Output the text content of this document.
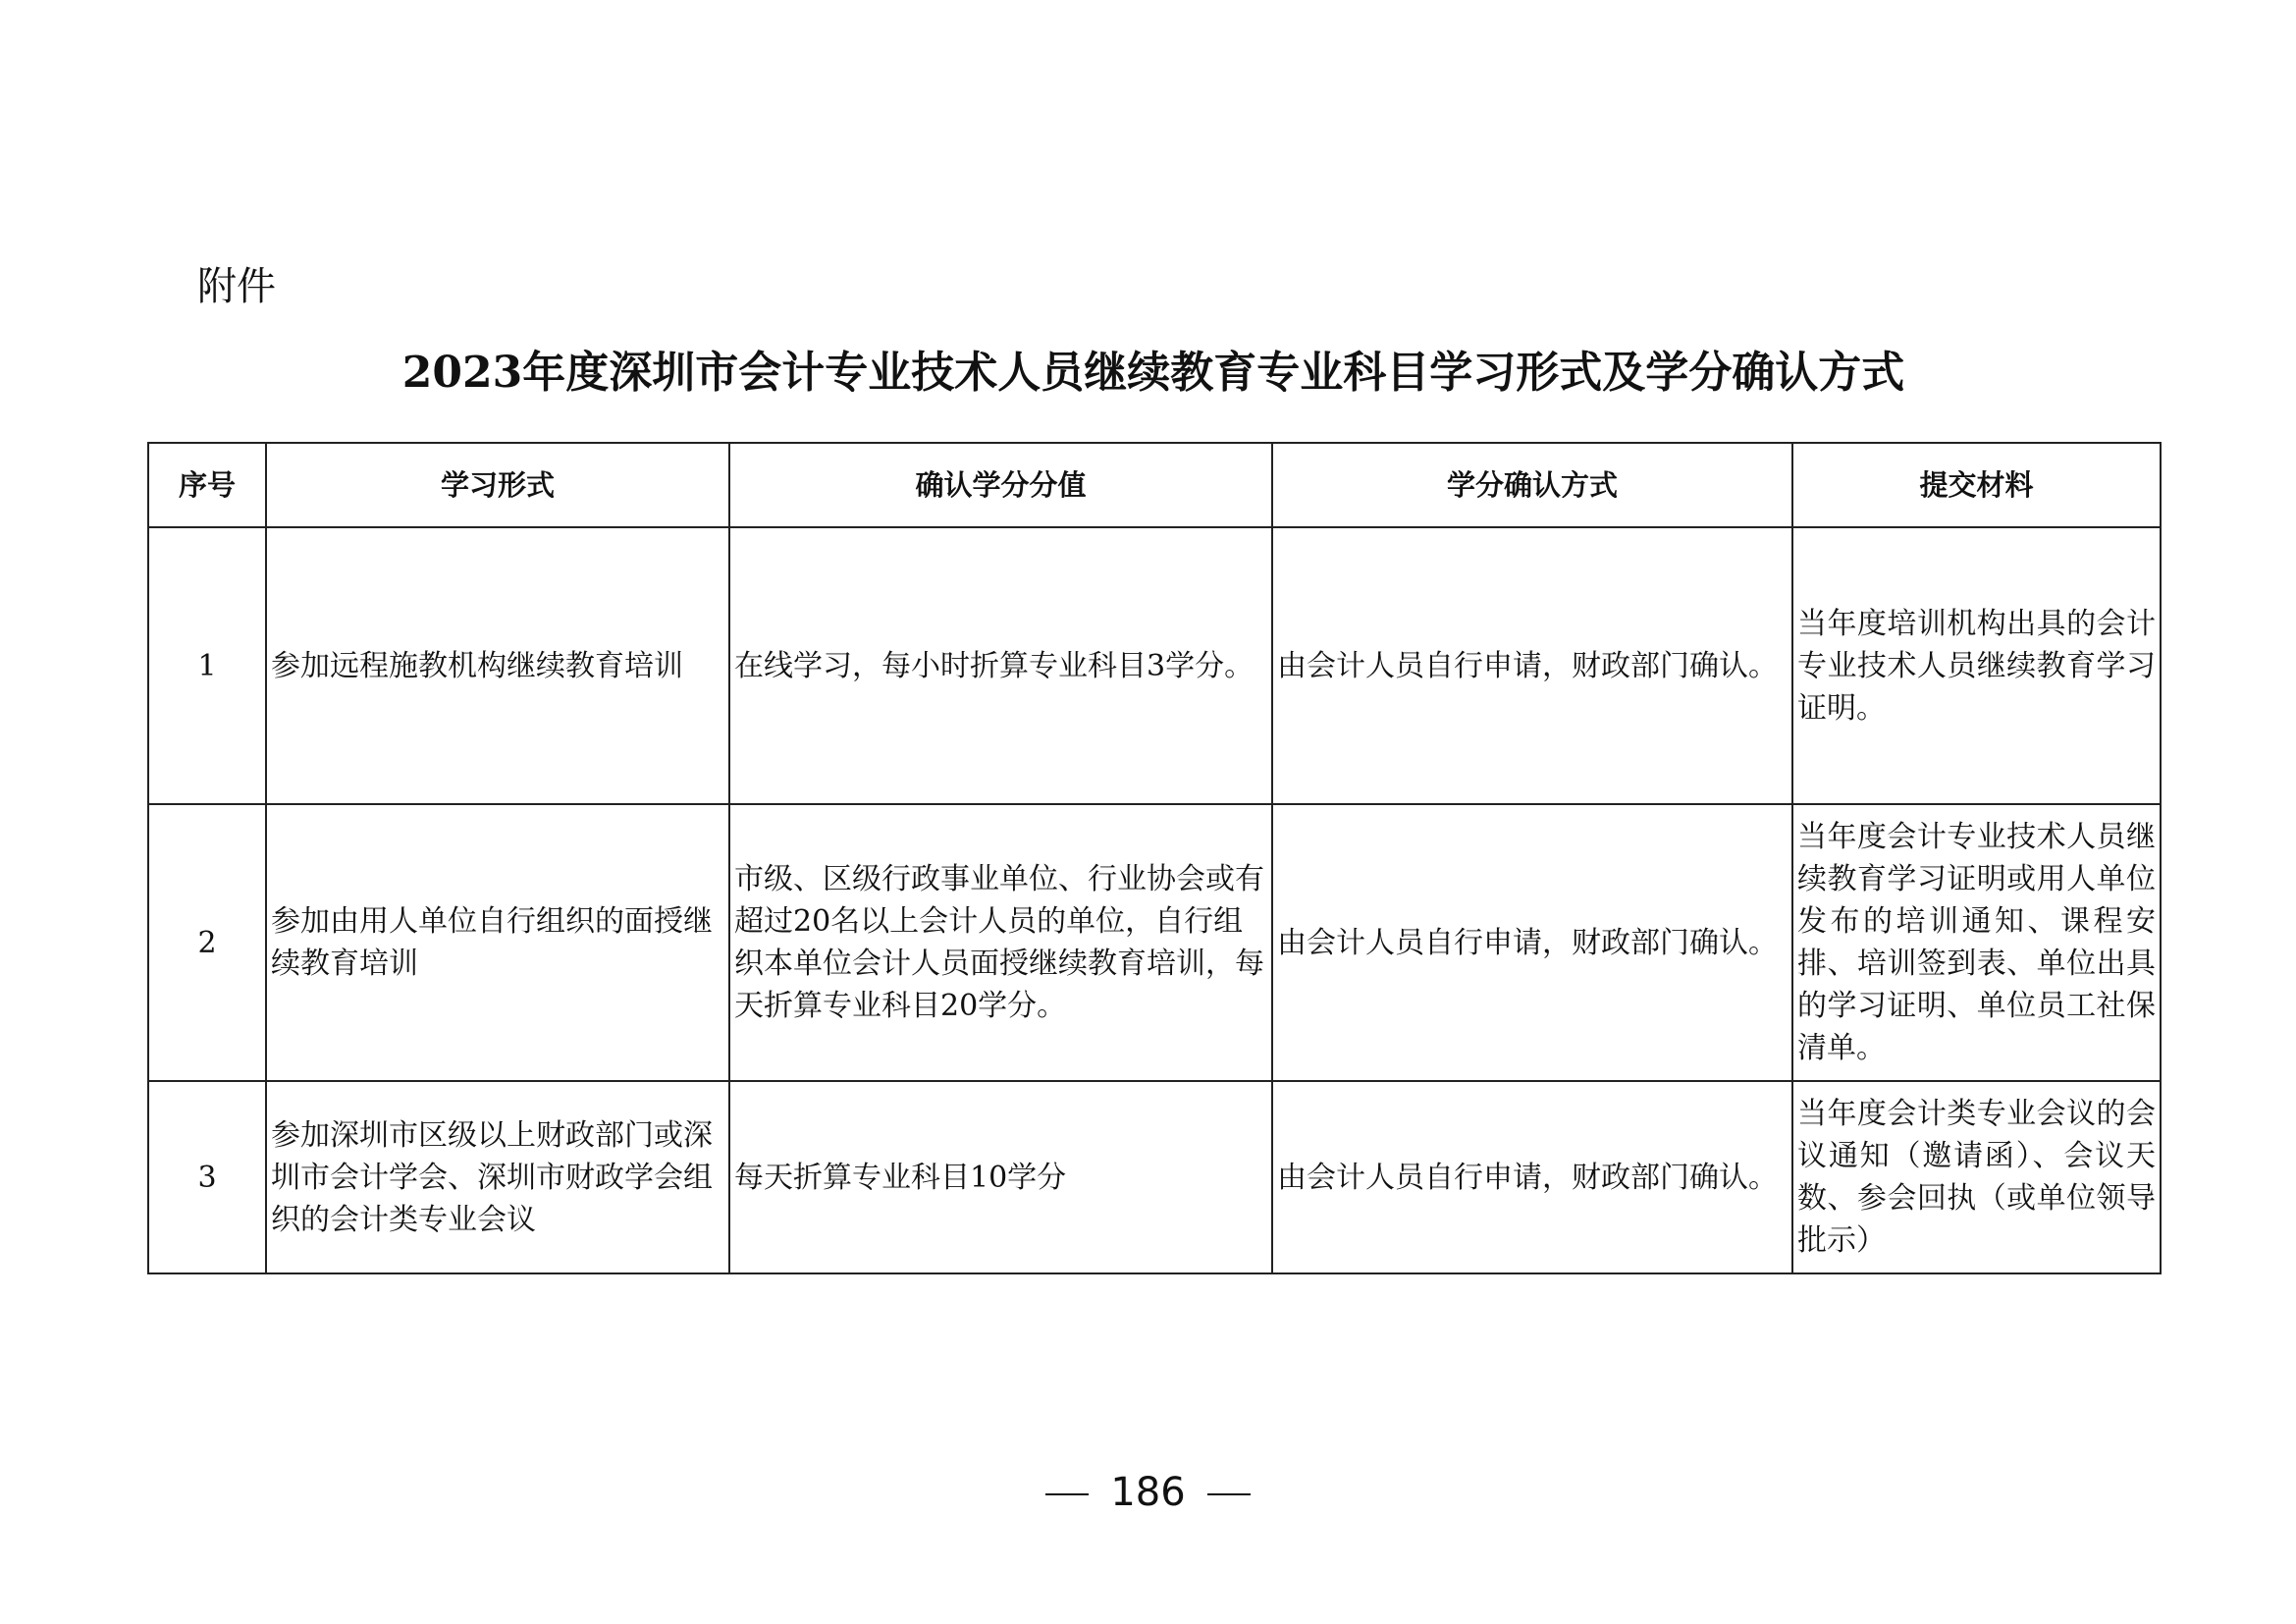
附件
2023年度深圳市会计专业技术人员继续教育专业科目学习形式及学分确认方式
序号	学习形式	确认学分分值	学分确认方式	提交材料
1	参加远程施教机构继续教育培训	在线学习，每小时折算专业科目3学分。	由会计人员自行申请，财政部门确认。	当年度培训机构出具的会计专业技术人员继续教育学习证明。
2	参加由用人单位自行组织的面授继续教育培训	市级、区级行政事业单位、行业协会或有超过20名以上会计人员的单位，自行组织本单位会计人员面授继续教育培训，每天折算专业科目20学分。	由会计人员自行申请，财政部门确认。	当年度会计专业技术人员继续教育学习证明或用人单位发布的培训通知、课程安排、培训签到表、单位出具的学习证明、单位员工社保清单。
3	参加深圳市区级以上财政部门或深圳市会计学会、深圳市财政学会组织的会计类专业会议	每天折算专业科目10学分	由会计人员自行申请，财政部门确认。	当年度会计类专业会议的会议通知（邀请函）、会议天数、参会回执（或单位领导批示）
186
